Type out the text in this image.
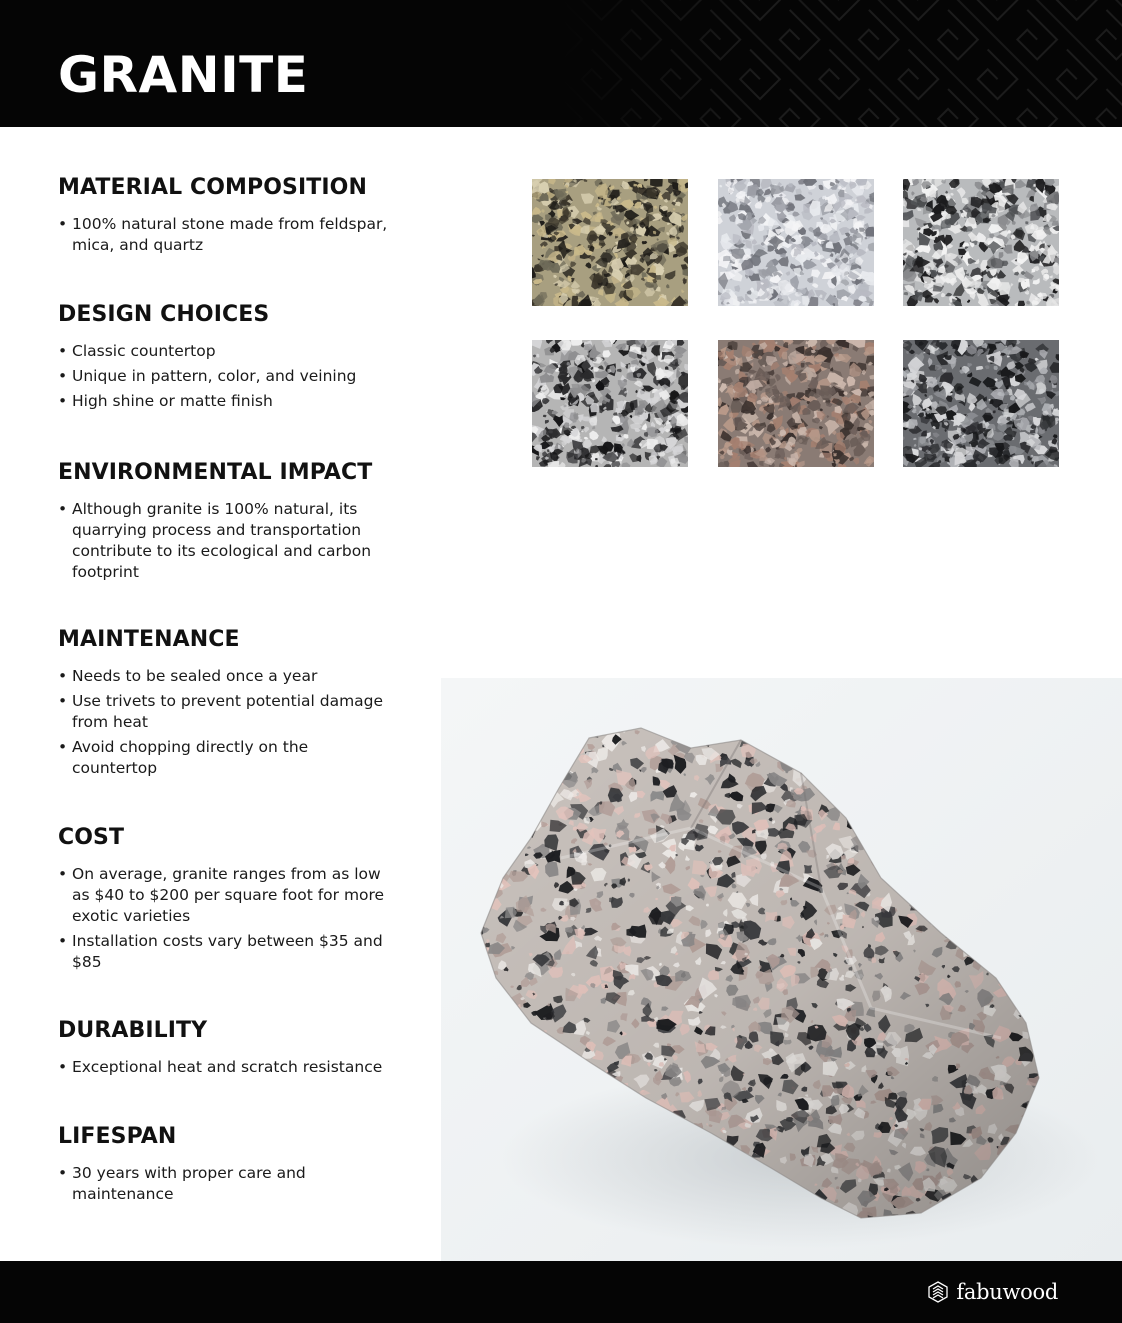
GRANITE
MATERIAL COMPOSITION
• 100% natural stone made from feldspar, mica, and quartz
DESIGN CHOICES
• Classic countertop
• Unique in pattern, color, and veining
• High shine or matte finish
ENVIRONMENTAL IMPACT
• Although granite is 100% natural, its quarrying process and transportation contribute to its ecological and carbon footprint
MAINTENANCE
• Needs to be sealed once a year
• Use trivets to prevent potential damage from heat
• Avoid chopping directly on the countertop
COST
• On average, granite ranges from as low as $40 to $200 per square foot for more exotic varieties
• Installation costs vary between $35 and $85
DURABILITY
• Exceptional heat and scratch resistance
LIFESPAN
• 30 years with proper care and maintenance
fabuwood
